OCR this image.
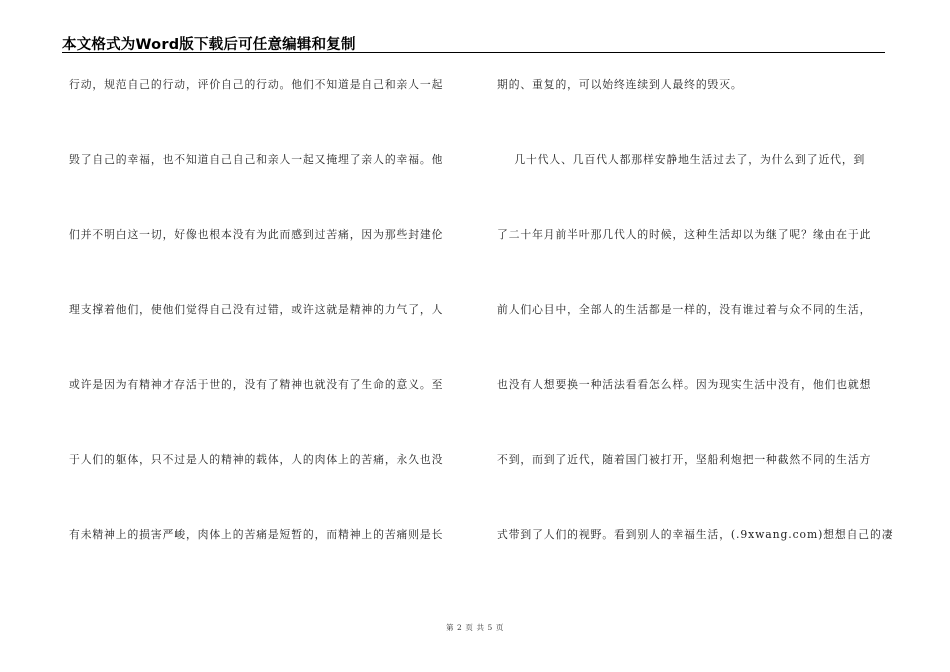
本文格式为Word版下载后可任意编辑和复制
行动，规范自己的行动，评价自己的行动。他们不知道是自己和亲人一起
毁了自己的幸福，也不知道自己自己和亲人一起又掩埋了亲人的幸福。他
们并不明白这一切，好像也根本没有为此而感到过苦痛，因为那些封建伦
理支撑着他们，使他们觉得自己没有过错，或许这就是精神的力气了，人
或许是因为有精神才存活于世的，没有了精神也就没有了生命的意义。至
于人们的躯体，只不过是人的精神的载体，人的肉体上的苦痛，永久也没
有未精神上的损害严峻，肉体上的苦痛是短暂的，而精神上的苦痛则是长
期的、重复的，可以始终连续到人最终的毁灭。
几十代人、几百代人都那样安静地生活过去了，为什么到了近代，到
了二十年月前半叶那几代人的时候，这种生活却以为继了呢？缘由在于此
前人们心目中，全部人的生活都是一样的，没有谁过着与众不同的生活，
也没有人想要换一种活法看看怎么样。因为现实生活中没有，他们也就想
不到，而到了近代，随着国门被打开，坚船利炮把一种截然不同的生活方
式带到了人们的视野。看到别人的幸福生活，(.9xwang.com)想想自己的凄
第 2 页 共 5 页
